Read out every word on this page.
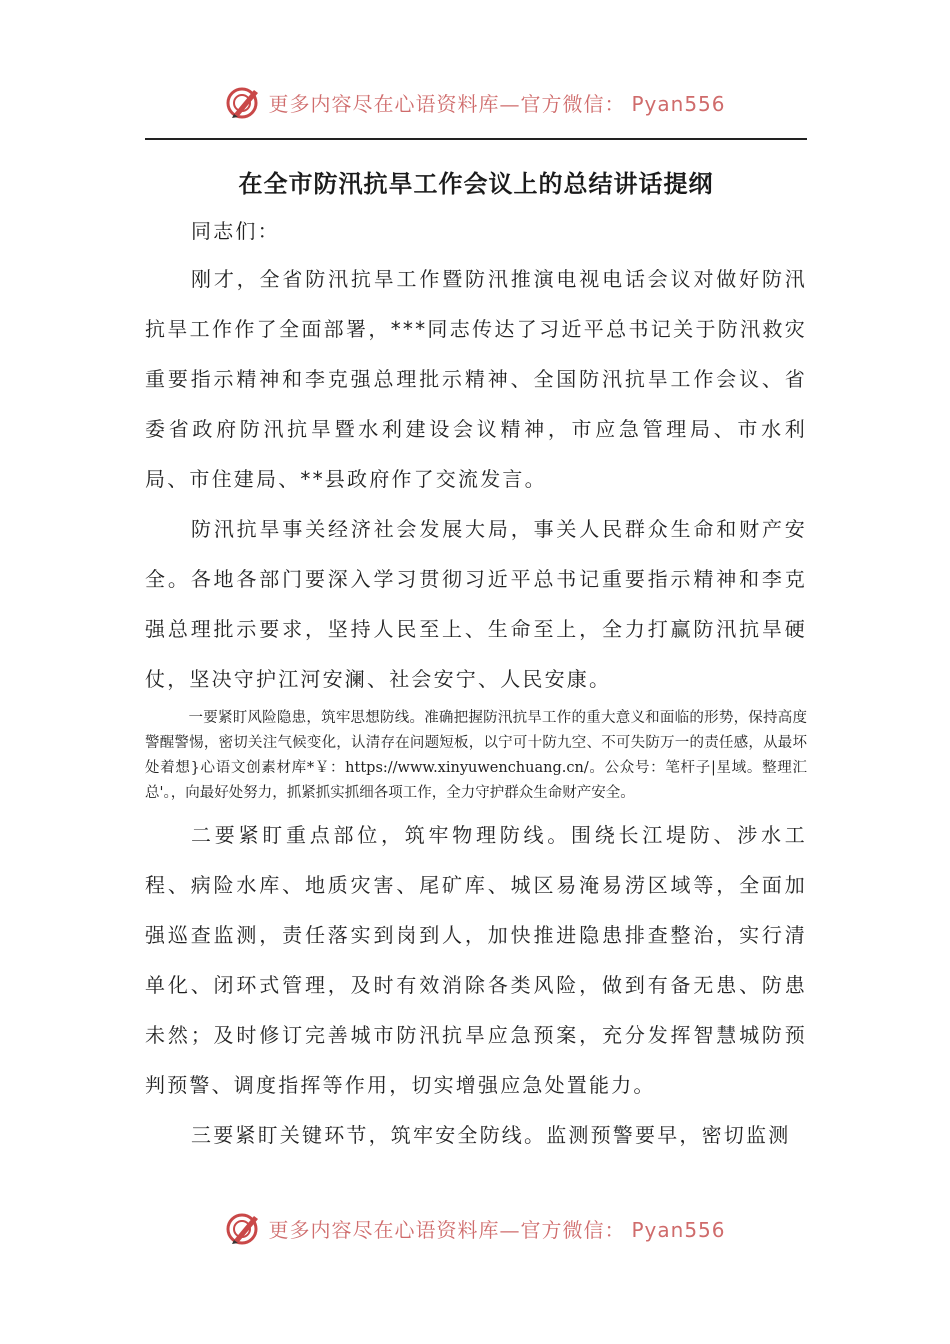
更多内容尽在心语资料库—官方微信： Pyan556
在全市防汛抗旱工作会议上的总结讲话提纲

同志们：

刚才，全省防汛抗旱工作暨防汛推演电视电话会议对做好防汛抗旱工作作了全面部署，***同志传达了习近平总书记关于防汛救灾重要指示精神和李克强总理批示精神、全国防汛抗旱工作会议、省委省政府防汛抗旱暨水利建设会议精神，市应急管理局、市水利局、市住建局、**县政府作了交流发言。

防汛抗旱事关经济社会发展大局，事关人民群众生命和财产安全。各地各部门要深入学习贯彻习近平总书记重要指示精神和李克强总理批示要求，坚持人民至上、生命至上，全力打赢防汛抗旱硬仗，坚决守护江河安澜、社会安宁、人民安康。

一要紧盯风险隐患，筑牢思想防线。准确把握防汛抗旱工作的重大意义和面临的形势，保持高度警醒警惕，密切关注气候变化，认清存在问题短板，以宁可十防九空、不可失防万一的责任感，从最坏处着想}心语文创素材库*￥：https://www.xinyuwenchuang.cn/。公众号：笔杆子|星域。整理汇总'。，向最好处努力，抓紧抓实抓细各项工作，全力守护群众生命财产安全。

二要紧盯重点部位，筑牢物理防线。围绕长江堤防、涉水工程、病险水库、地质灾害、尾矿库、城区易淹易涝区域等，全面加强巡查监测，责任落实到岗到人，加快推进隐患排查整治，实行清单化、闭环式管理，及时有效消除各类风险，做到有备无患、防患未然；及时修订完善城市防汛抗旱应急预案，充分发挥智慧城防预判预警、调度指挥等作用，切实增强应急处置能力。

三要紧盯关键环节，筑牢安全防线。监测预警要早，密切监测

更多内容尽在心语资料库—官方微信： Pyan556
